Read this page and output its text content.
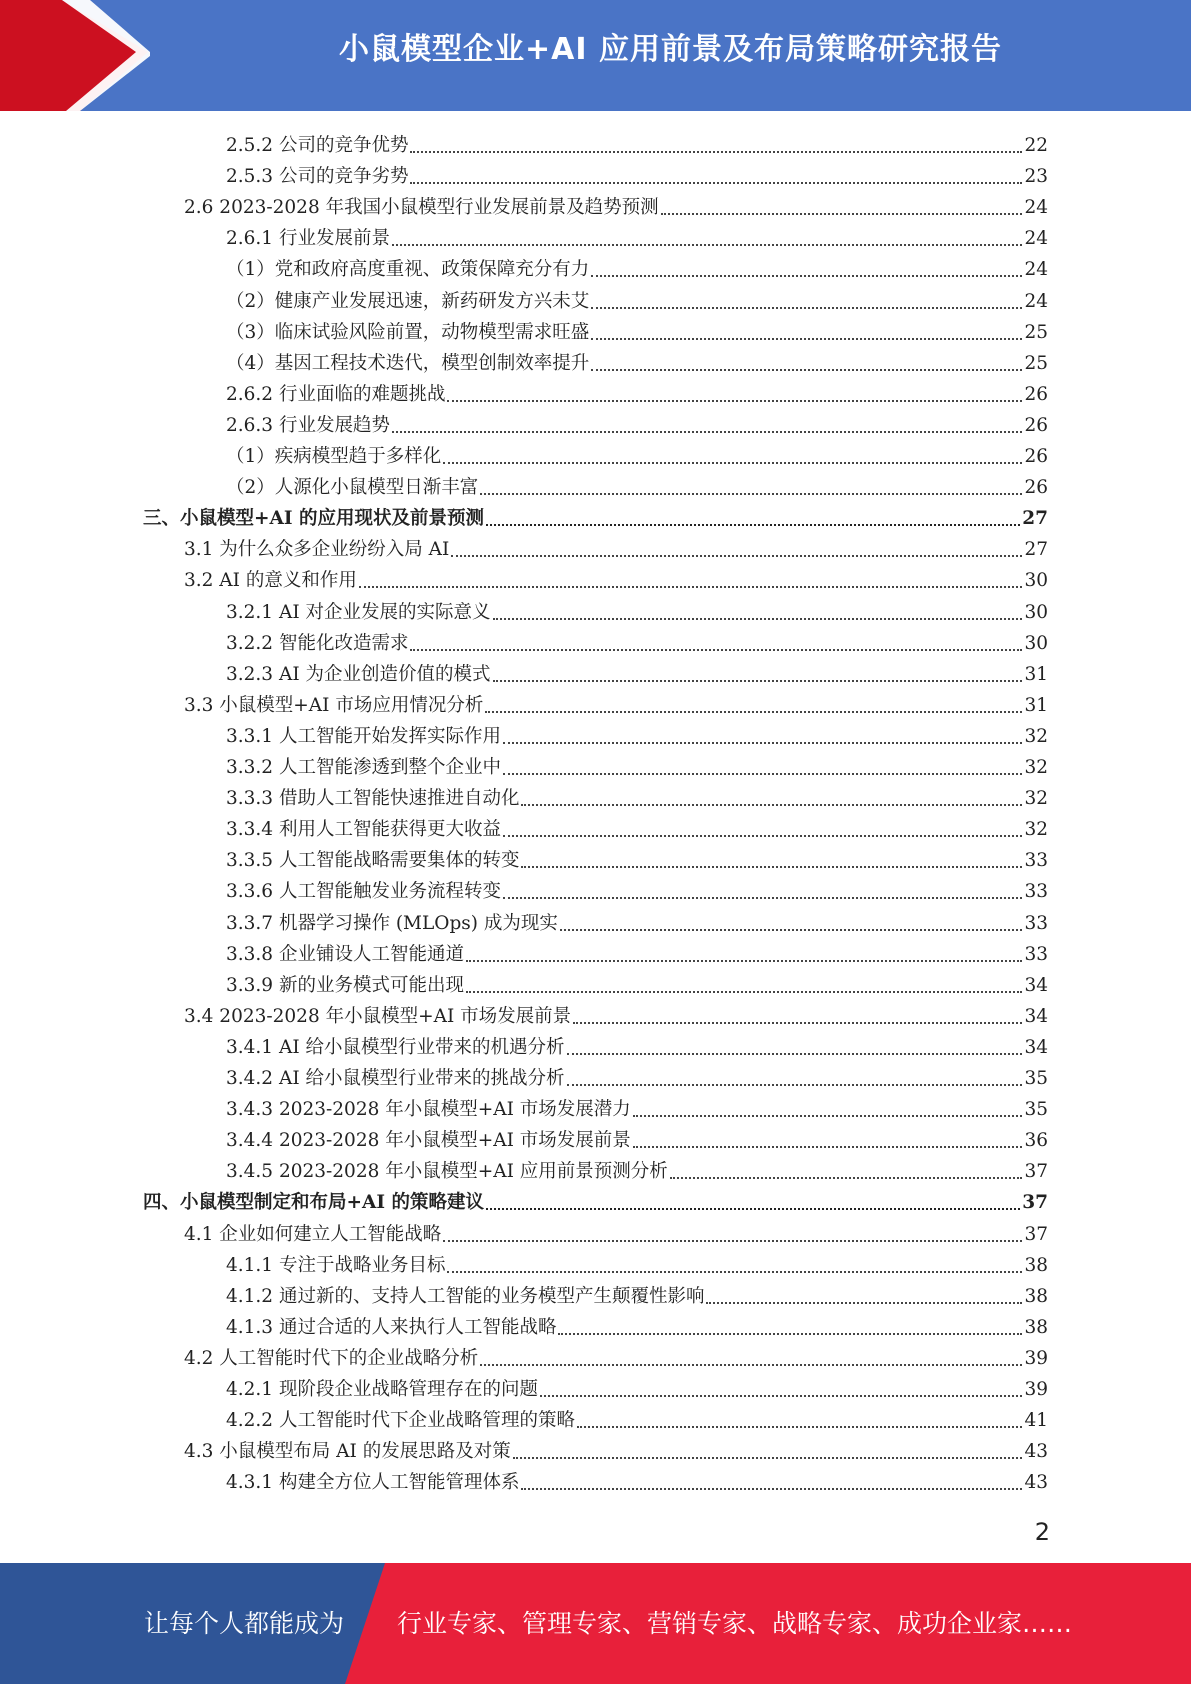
小鼠模型企业+AI 应用前景及布局策略研究报告
2.5.2 公司的竞争优势	22
2.5.3 公司的竞争劣势	23
2.6 2023-2028 年我国小鼠模型行业发展前景及趋势预测	24
2.6.1 行业发展前景	24
（1）党和政府高度重视、政策保障充分有力	24
（2）健康产业发展迅速，新药研发方兴未艾	24
（3）临床试验风险前置，动物模型需求旺盛	25
（4）基因工程技术迭代，模型创制效率提升	25
2.6.2 行业面临的难题挑战	26
2.6.3 行业发展趋势	26
（1）疾病模型趋于多样化	26
（2）人源化小鼠模型日渐丰富	26
三、小鼠模型+AI 的应用现状及前景预测	27
3.1 为什么众多企业纷纷入局 AI	27
3.2 AI 的意义和作用	30
3.2.1 AI 对企业发展的实际意义	30
3.2.2 智能化改造需求	30
3.2.3 AI 为企业创造价值的模式	31
3.3 小鼠模型+AI 市场应用情况分析	31
3.3.1 人工智能开始发挥实际作用	32
3.3.2 人工智能渗透到整个企业中	32
3.3.3 借助人工智能快速推进自动化	32
3.3.4 利用人工智能获得更大收益	32
3.3.5 人工智能战略需要集体的转变	33
3.3.6 人工智能触发业务流程转变	33
3.3.7 机器学习操作 (MLOps) 成为现实	33
3.3.8 企业铺设人工智能通道	33
3.3.9 新的业务模式可能出现	34
3.4 2023-2028 年小鼠模型+AI 市场发展前景	34
3.4.1 AI 给小鼠模型行业带来的机遇分析	34
3.4.2 AI 给小鼠模型行业带来的挑战分析	35
3.4.3 2023-2028 年小鼠模型+AI 市场发展潜力	35
3.4.4 2023-2028 年小鼠模型+AI 市场发展前景	36
3.4.5 2023-2028 年小鼠模型+AI 应用前景预测分析	37
四、小鼠模型制定和布局+AI 的策略建议	37
4.1 企业如何建立人工智能战略	37
4.1.1 专注于战略业务目标	38
4.1.2 通过新的、支持人工智能的业务模型产生颠覆性影响	38
4.1.3 通过合适的人来执行人工智能战略	38
4.2 人工智能时代下的企业战略分析	39
4.2.1 现阶段企业战略管理存在的问题	39
4.2.2 人工智能时代下企业战略管理的策略	41
4.3 小鼠模型布局 AI 的发展思路及对策	43
4.3.1 构建全方位人工智能管理体系	43
2
让每个人都能成为 行业专家、管理专家、营销专家、战略专家、成功企业家……
